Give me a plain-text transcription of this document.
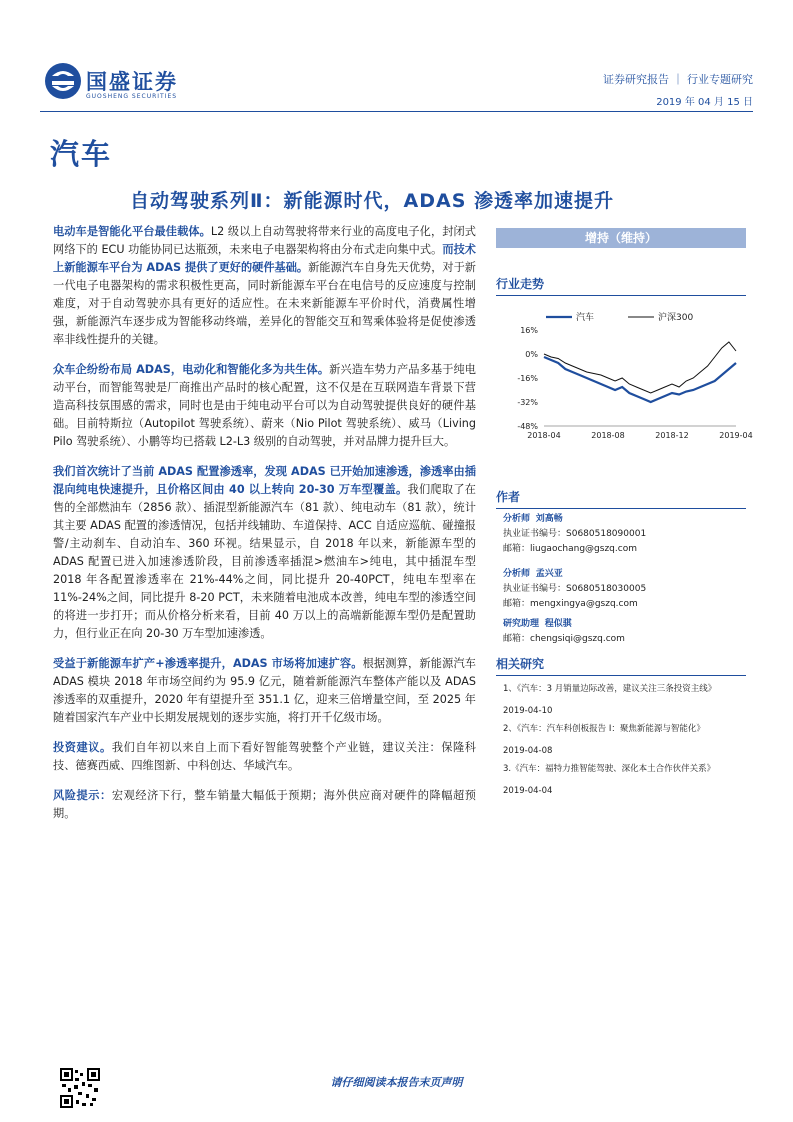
国盛证券
GUOSHENG SECURITIES
证券研究报告 ｜ 行业专题研究
2019 年 04 月 15 日
汽车
自动驾驶系列Ⅱ：新能源时代，ADAS 渗透率加速提升

电动车是智能化平台最佳载体。L2 级以上自动驾驶将带来行业的高度电子化，封闭式网络下的 ECU 功能协同已达瓶颈，未来电子电器架构将由分布式走向集中式。而技术上新能源车平台为 ADAS 提供了更好的硬件基础。新能源汽车自身先天优势，对于新一代电子电器架构的需求积极性更高，同时新能源车平台在电信号的反应速度与控制难度，对于自动驾驶亦具有更好的适应性。在未来新能源车平价时代，消费属性增强，新能源汽车逐步成为智能移动终端，差异化的智能交互和驾乘体验将是促使渗透率非线性提升的关键。

众车企纷纷布局 ADAS，电动化和智能化多为共生体。新兴造车势力产品多基于纯电动平台，而智能驾驶是厂商推出产品时的核心配置，这不仅是在互联网造车背景下营造高科技氛围感的需求，同时也是由于纯电动平台可以为自动驾驶提供良好的硬件基础。目前特斯拉（Autopilot 驾驶系统）、蔚来（Nio Pilot 驾驶系统）、威马（Living Pilo 驾驶系统）、小鹏等均已搭载 L2-L3 级别的自动驾驶，并对品牌力提升巨大。

我们首次统计了当前 ADAS 配置渗透率，发现 ADAS 已开始加速渗透，渗透率由插混向纯电快速提升，且价格区间由 40 以上转向 20-30 万车型覆盖。我们爬取了在售的全部燃油车（2856 款）、插混型新能源汽车（81 款）、纯电动车（81 款），统计其主要 ADAS 配置的渗透情况，包括并线辅助、车道保持、ACC 自适应巡航、碰撞报警/主动刹车、自动泊车、360 环视。结果显示，自 2018 年以来，新能源车型的 ADAS 配置已进入加速渗透阶段，目前渗透率插混>燃油车>纯电，其中插混车型 2018 年各配置渗透率在 21%-44%之间，同比提升 20-40PCT，纯电车型率在 11%-24%之间，同比提升 8-20 PCT，未来随着电池成本改善，纯电车型的渗透空间的将进一步打开；而从价格分析来看，目前 40 万以上的高端新能源车型仍是配置助力，但行业正在向 20-30 万车型加速渗透。

受益于新能源车扩产+渗透率提升，ADAS 市场将加速扩容。根据测算，新能源汽车 ADAS 模块 2018 年市场空间约为 95.9 亿元，随着新能源汽车整体产能以及 ADAS 渗透率的双重提升，2020 年有望提升至 351.1 亿，迎来三倍增量空间，至 2025 年随着国家汽车产业中长期发展规划的逐步实施，将打开千亿级市场。

投资建议。我们自年初以来自上而下看好智能驾驶整个产业链，建议关注：保隆科技、德赛西威、四维图新、中科创达、华域汽车。

风险提示：宏观经济下行，整车销量大幅低于预期；海外供应商对硬件的降幅超预期。

增持（维持）
行业走势
16%
0%
-16%
-32%
-48%
2018-04	2018-08	2018-12	2019-04
汽车	沪深300
作者
分析师 刘高畅
执业证书编号：S0680518090001
邮箱：liugaochang@gszq.com
分析师 孟兴亚
执业证书编号：S0680518030005
邮箱：mengxingya@gszq.com
研究助理 程似骐
邮箱：chengsiqi@gszq.com
相关研究
1、《汽车：3 月销量边际改善，建议关注三条投资主线》
2019-04-10
2、《汽车：汽车科创板报告 I：聚焦新能源与智能化》
2019-04-08
3.《汽车：福特力推智能驾驶、深化本土合作伙伴关系》
2019-04-04
请仔细阅读本报告末页声明
